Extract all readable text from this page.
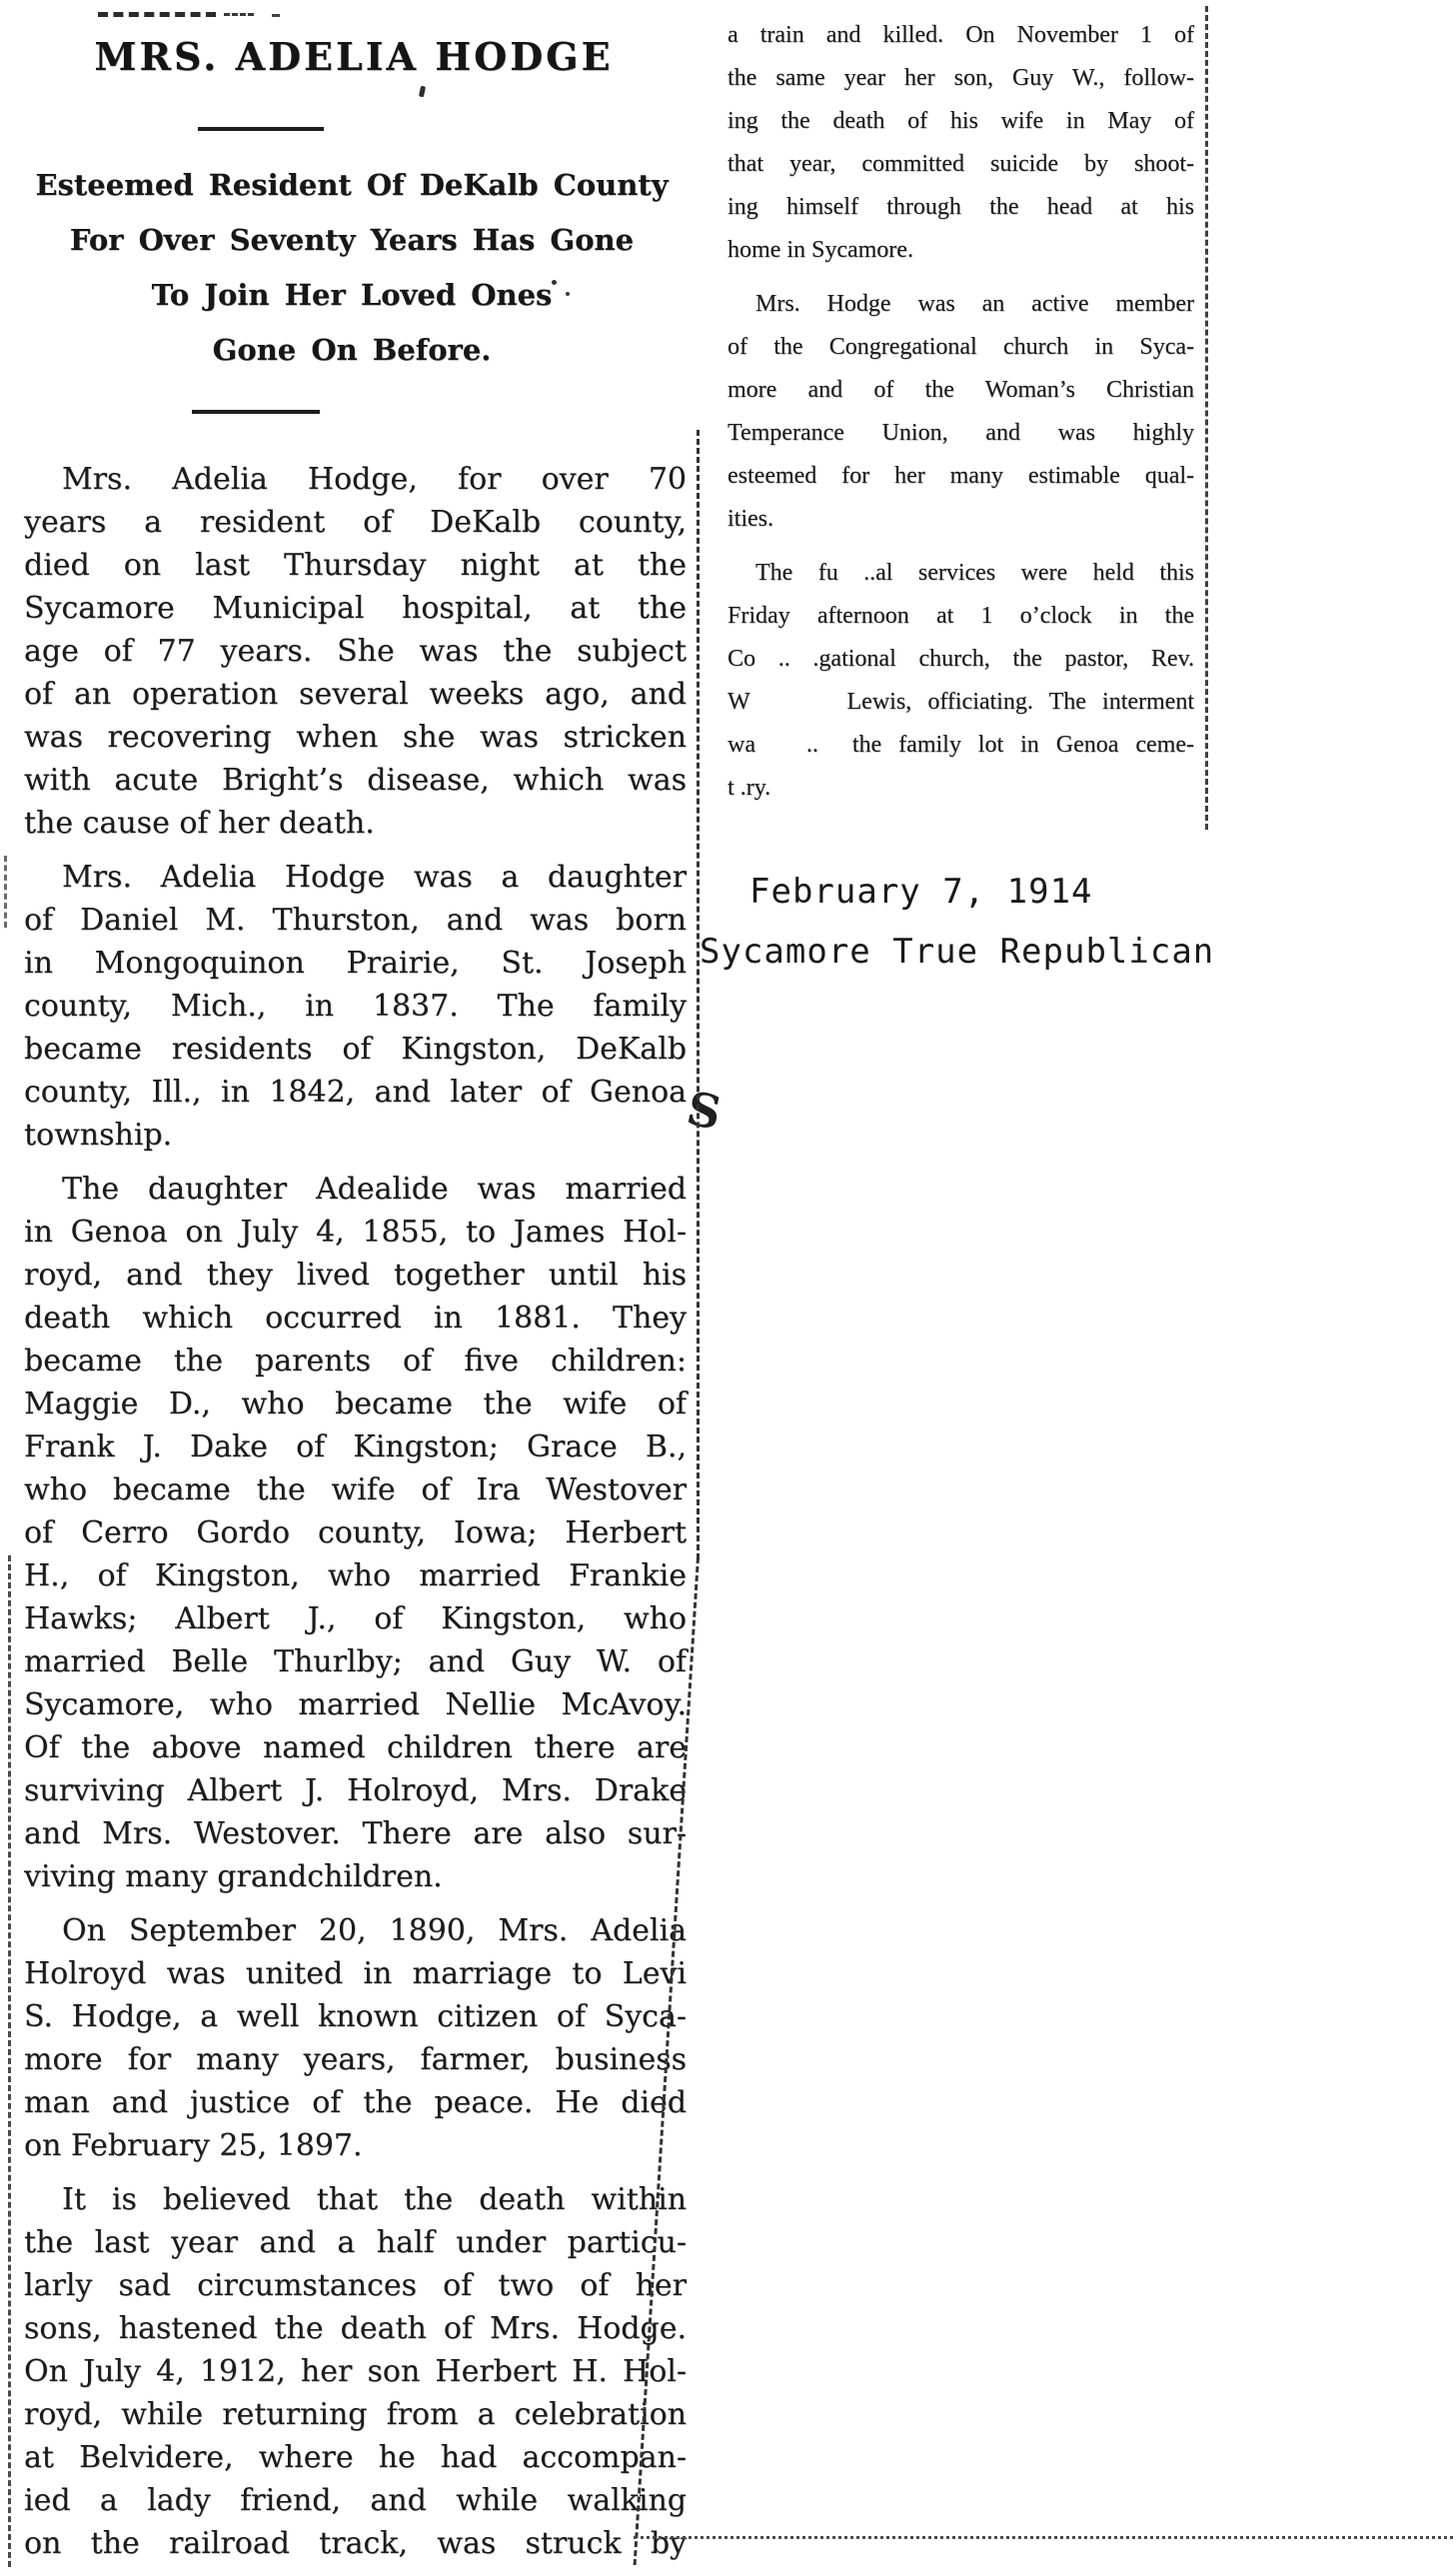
MRS. ADELIA HODGE
Esteemed Resident Of DeKalb County
For Over Seventy Years Has Gone
To Join Her Loved Ones
Gone On Before.
Mrs. Adelia Hodge, for over 70
years a resident of DeKalb county,
died on last Thursday night at the
Sycamore Municipal hospital, at the
age of 77 years. She was the subject
of an operation several weeks ago, and
was recovering when she was stricken
with acute Bright’s disease, which was
the cause of her death.
Mrs. Adelia Hodge was a daughter
of Daniel M. Thurston, and was born
in Mongoquinon Prairie, St. Joseph
county, Mich., in 1837. The family
became residents of Kingston, DeKalb
county, Ill., in 1842, and later of Genoa
township.
The daughter Adealide was married
in Genoa on July 4, 1855, to James Hol-
royd, and they lived together until his
death which occurred in 1881. They
became the parents of five children:
Maggie D., who became the wife of
Frank J. Dake of Kingston; Grace B.,
who became the wife of Ira Westover
of Cerro Gordo county, Iowa; Herbert
H., of Kingston, who married Frankie
Hawks; Albert J., of Kingston, who
married Belle Thurlby; and Guy W. of
Sycamore, who married Nellie McAvoy.
Of the above named children there are
surviving Albert J. Holroyd, Mrs. Drake
and Mrs. Westover. There are also sur-
viving many grandchildren.
On September 20, 1890, Mrs. Adelia
Holroyd was united in marriage to Levi
S. Hodge, a well known citizen of Syca-
more for many years, farmer, business
man and justice of the peace. He died
on February 25, 1897.
It is believed that the death within
the last year and a half under particu-
larly sad circumstances of two of her
sons, hastened the death of Mrs. Hodge.
On July 4, 1912, her son Herbert H. Hol-
royd, while returning from a celebration
at Belvidere, where he had accompan-
ied a lady friend, and while walking
on the railroad track, was struck by
a train and killed. On November 1 of
the same year her son, Guy W., follow-
ing the death of his wife in May of
that year, committed suicide by shoot-
ing himself through the head at his
home in Sycamore.
Mrs. Hodge was an active member
of the Congregational church in Syca-
more and of the Woman’s Christian
Temperance Union, and was highly
esteemed for her many estimable qual-
ities.
The fu ..al services were held this
Friday afternoon at 1 o’clock in the
Co .. .gational church, the pastor, Rev.
W      Lewis, officiating. The interment
wa   ..  the family lot in Genoa ceme-
t .ry.
February 7, 1914
Sycamore True Republican
S
